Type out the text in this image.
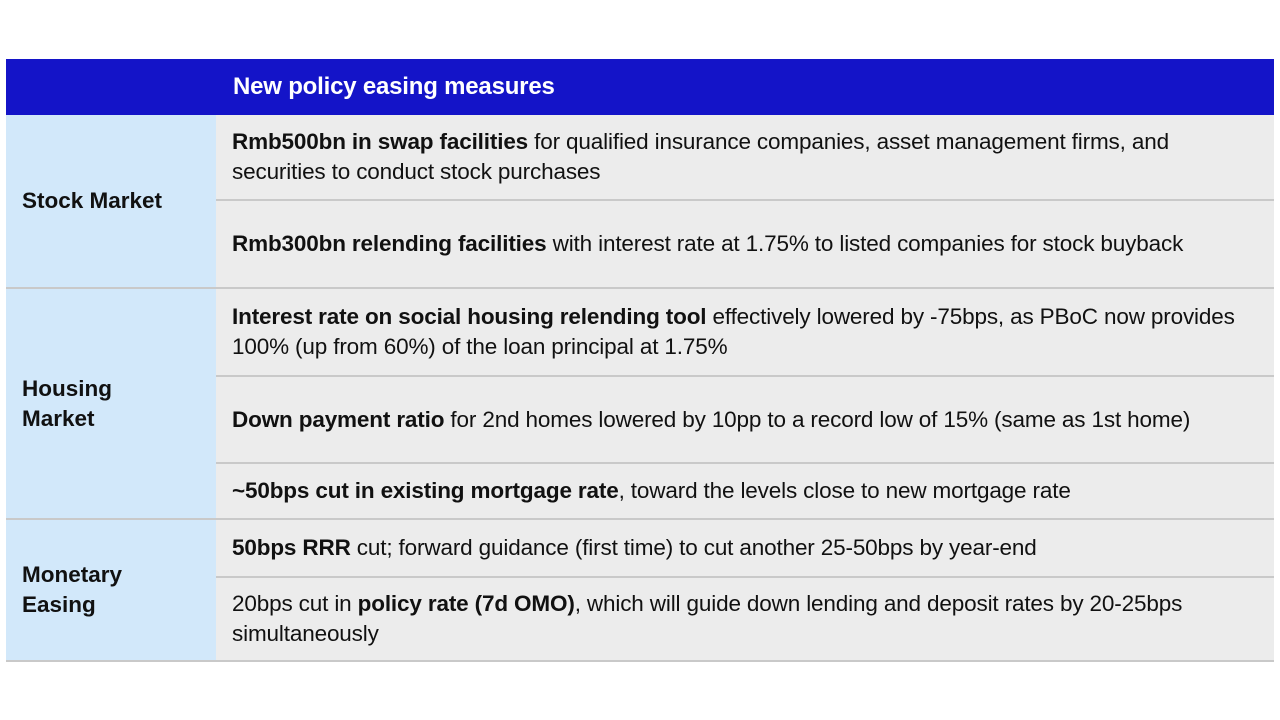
New policy easing measures
Stock Market
Rmb500bn in swap facilities for qualified insurance companies, asset management firms, and securities to conduct stock purchases
Rmb300bn relending facilities with interest rate at 1.75% to listed companies for stock buyback
Housing
Market
Interest rate on social housing relending tool effectively lowered by -75bps, as PBoC now provides 100% (up from 60%) of the loan principal at 1.75%
Down payment ratio for 2nd homes lowered by 10pp to a record low of 15% (same as 1st home)
~50bps cut in existing mortgage rate, toward the levels close to new mortgage rate
Monetary
Easing
50bps RRR cut; forward guidance (first time) to cut another 25-50bps by year-end
20bps cut in policy rate (7d OMO), which will guide down lending and deposit rates by 20-25bps simultaneously
